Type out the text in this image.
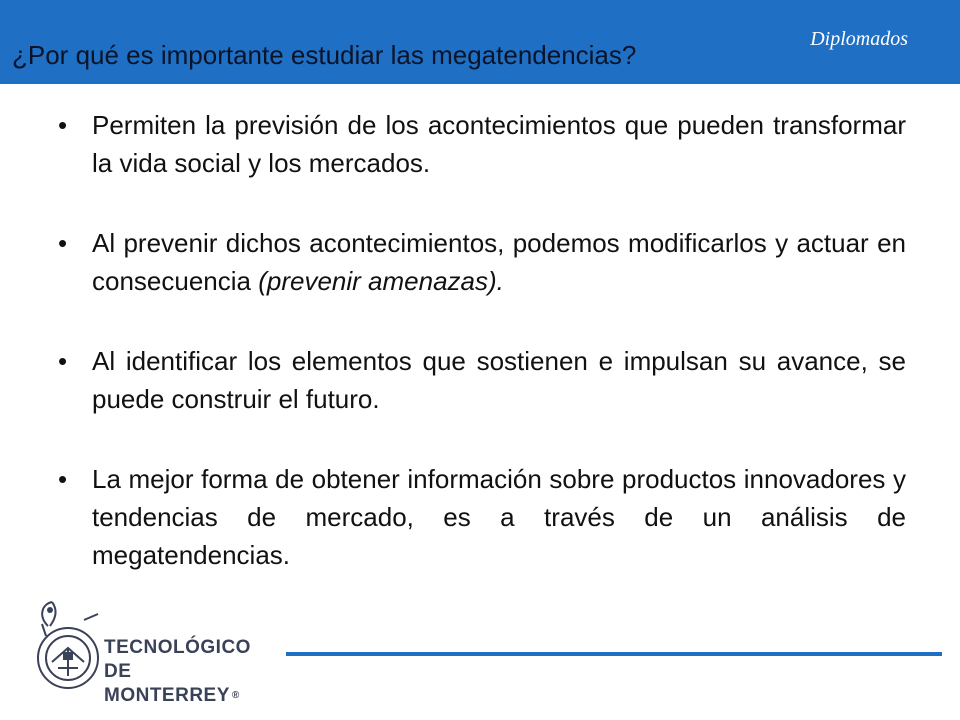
Diplomados
¿Por qué es importante estudiar las megatendencias?
• Permiten la previsión de los acontecimientos que pueden transformar la vida social y los mercados.
• Al prevenir dichos acontecimientos, podemos modificarlos y actuar en consecuencia (prevenir amenazas).
• Al identificar los elementos que sostienen e impulsan su avance, se puede construir el futuro.
• La mejor forma de obtener información sobre productos innovadores y tendencias de mercado, es a través de un análisis de megatendencias.
TECNOLÓGICO
DE MONTERREY ®
